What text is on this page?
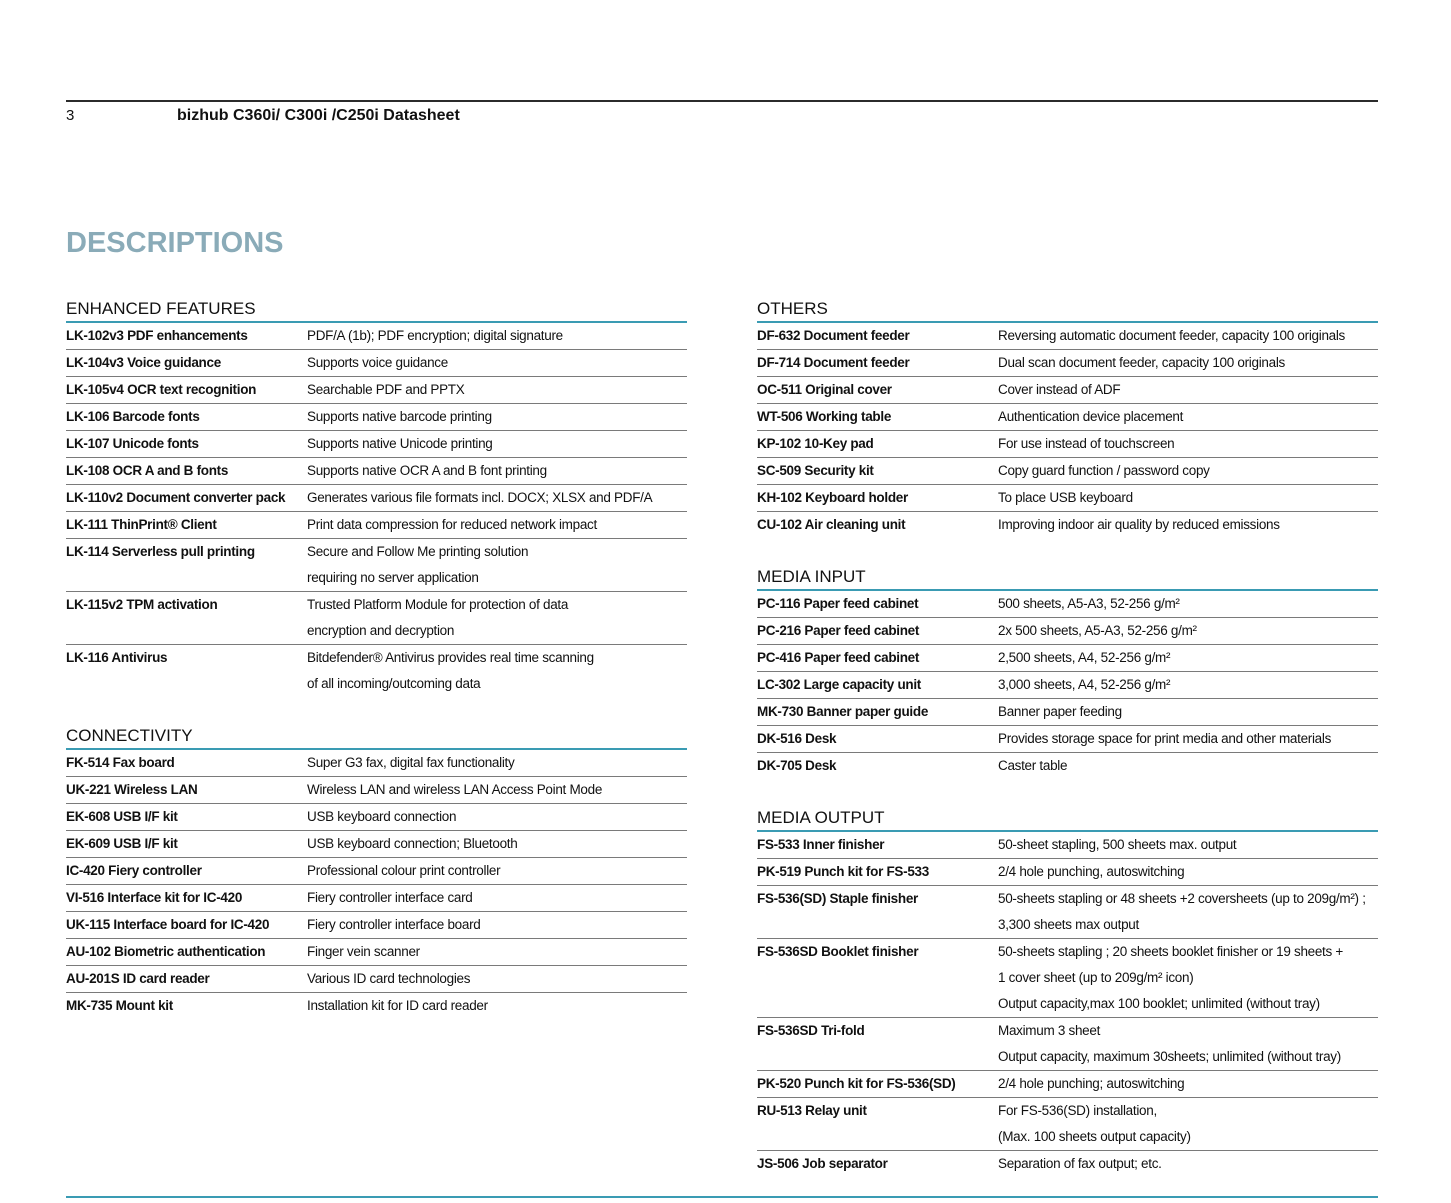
3	bizhub C360i/ C300i /C250i Datasheet
DESCRIPTIONS
ENHANCED FEATURES
LK-102v3 PDF enhancements	PDF/A (1b); PDF encryption; digital signature
LK-104v3 Voice guidance	Supports voice guidance
LK-105v4 OCR text recognition	Searchable PDF and PPTX
LK-106 Barcode fonts	Supports native barcode printing
LK-107 Unicode fonts	Supports native Unicode printing
LK-108 OCR A and B fonts	Supports native OCR A and B font printing
LK-110v2 Document converter pack	Generates various file formats incl. DOCX; XLSX and PDF/A
LK-111 ThinPrint® Client	Print data compression for reduced network impact
LK-114 Serverless pull printing	Secure and Follow Me printing solution
requiring no server application
LK-115v2 TPM activation	Trusted Platform Module for protection of data
encryption and decryption
LK-116 Antivirus	Bitdefender® Antivirus provides real time scanning
of all incoming/outcoming data
CONNECTIVITY
FK-514 Fax board	Super G3 fax, digital fax functionality
UK-221 Wireless LAN	Wireless LAN and wireless LAN Access Point Mode
EK-608 USB I/F kit	USB keyboard connection
EK-609 USB I/F kit	USB keyboard connection; Bluetooth
IC-420 Fiery controller	Professional colour print controller
VI-516 Interface kit for IC-420	Fiery controller interface card
UK-115 Interface board for IC-420	Fiery controller interface board
AU-102 Biometric authentication	Finger vein scanner
AU-201S ID card reader	Various ID card technologies
MK-735 Mount kit	Installation kit for ID card reader
OTHERS
DF-632 Document feeder	Reversing automatic document feeder, capacity 100 originals
DF-714 Document feeder	Dual scan document feeder, capacity 100 originals
OC-511 Original cover	Cover instead of ADF
WT-506 Working table	Authentication device placement
KP-102 10-Key pad	For use instead of touchscreen
SC-509 Security kit	Copy guard function / password copy
KH-102 Keyboard holder	To place USB keyboard
CU-102 Air cleaning unit	Improving indoor air quality by reduced emissions
MEDIA INPUT
PC-116 Paper feed cabinet	500 sheets, A5-A3, 52-256 g/m²
PC-216 Paper feed cabinet	2x 500 sheets, A5-A3, 52-256 g/m²
PC-416 Paper feed cabinet	2,500 sheets, A4, 52-256 g/m²
LC-302 Large capacity unit	3,000 sheets, A4, 52-256 g/m²
MK-730 Banner paper guide	Banner paper feeding
DK-516 Desk	Provides storage space for print media and other materials
DK-705 Desk	Caster table
MEDIA OUTPUT
FS-533 Inner finisher	50-sheet stapling, 500 sheets max. output
PK-519 Punch kit for FS-533	2/4 hole punching, autoswitching
FS-536(SD) Staple finisher	50-sheets stapling or 48 sheets +2 coversheets (up to 209g/m²) ;
3,300 sheets max output
FS-536SD Booklet finisher	50-sheets stapling ; 20 sheets booklet finisher or 19 sheets +
1 cover sheet (up to 209g/m² icon)
Output capacity,max 100 booklet; unlimited (without tray)
FS-536SD Tri-fold	Maximum 3 sheet
Output capacity, maximum 30sheets; unlimited (without tray)
PK-520 Punch kit for FS-536(SD)	2/4 hole punching; autoswitching
RU-513 Relay unit	For FS-536(SD) installation,
(Max. 100 sheets output capacity)
JS-506 Job separator	Separation of fax output; etc.
